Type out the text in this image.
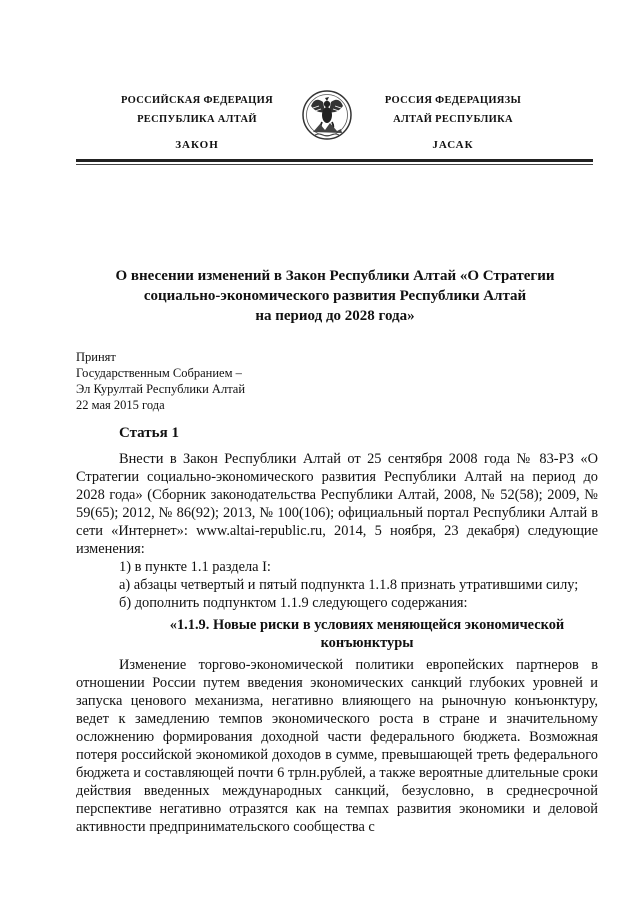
РОССИЙСКАЯ ФЕДЕРАЦИЯ
РЕСПУБЛИКА АЛТАЙ
ЗАКОН
РОССИЯ ФЕДЕРАЦИЯЗЫ
АЛТАЙ РЕСПУБЛИКА
JАСАК
О внесении изменений в Закон Республики Алтай «О Стратегии
социально-экономического развития Республики Алтай
на период до 2028 года»
Принят
Государственным Собранием –
Эл Курултай Республики Алтай
22 мая 2015 года
Статья 1

Внести в Закон Республики Алтай от 25 сентября 2008 года № 83-РЗ «О Стратегии социально-экономического развития Республики Алтай на период до 2028 года» (Сборник законодательства Республики Алтай, 2008, № 52(58); 2009, № 59(65); 2012, № 86(92); 2013, № 100(106); официальный портал Республики Алтай в сети «Интернет»: www.altai-republic.ru, 2014, 5 ноября, 23 декабря) следующие изменения:

1) в пункте 1.1 раздела I:

а) абзацы четвертый и пятый подпункта 1.1.8 признать утратившими силу;

б) дополнить подпунктом 1.1.9 следующего содержания:

«1.1.9. Новые риски в условиях меняющейся экономической
конъюнктуры

Изменение торгово-экономической политики европейских партнеров в отношении России путем введения экономических санкций глубоких уровней и запуска ценового механизма, негативно влияющего на рыночную конъюнктуру, ведет к замедлению темпов экономического роста в стране и значительному осложнению формирования доходной части федерального бюджета. Возможная потеря российской экономикой доходов в сумме, превышающей треть федерального бюджета и составляющей почти 6 трлн.рублей, а также вероятные длительные сроки действия введенных международных санкций, безусловно, в среднесрочной перспективе негативно отразятся как на темпах развития экономики и деловой активности предпринимательского сообщества с
